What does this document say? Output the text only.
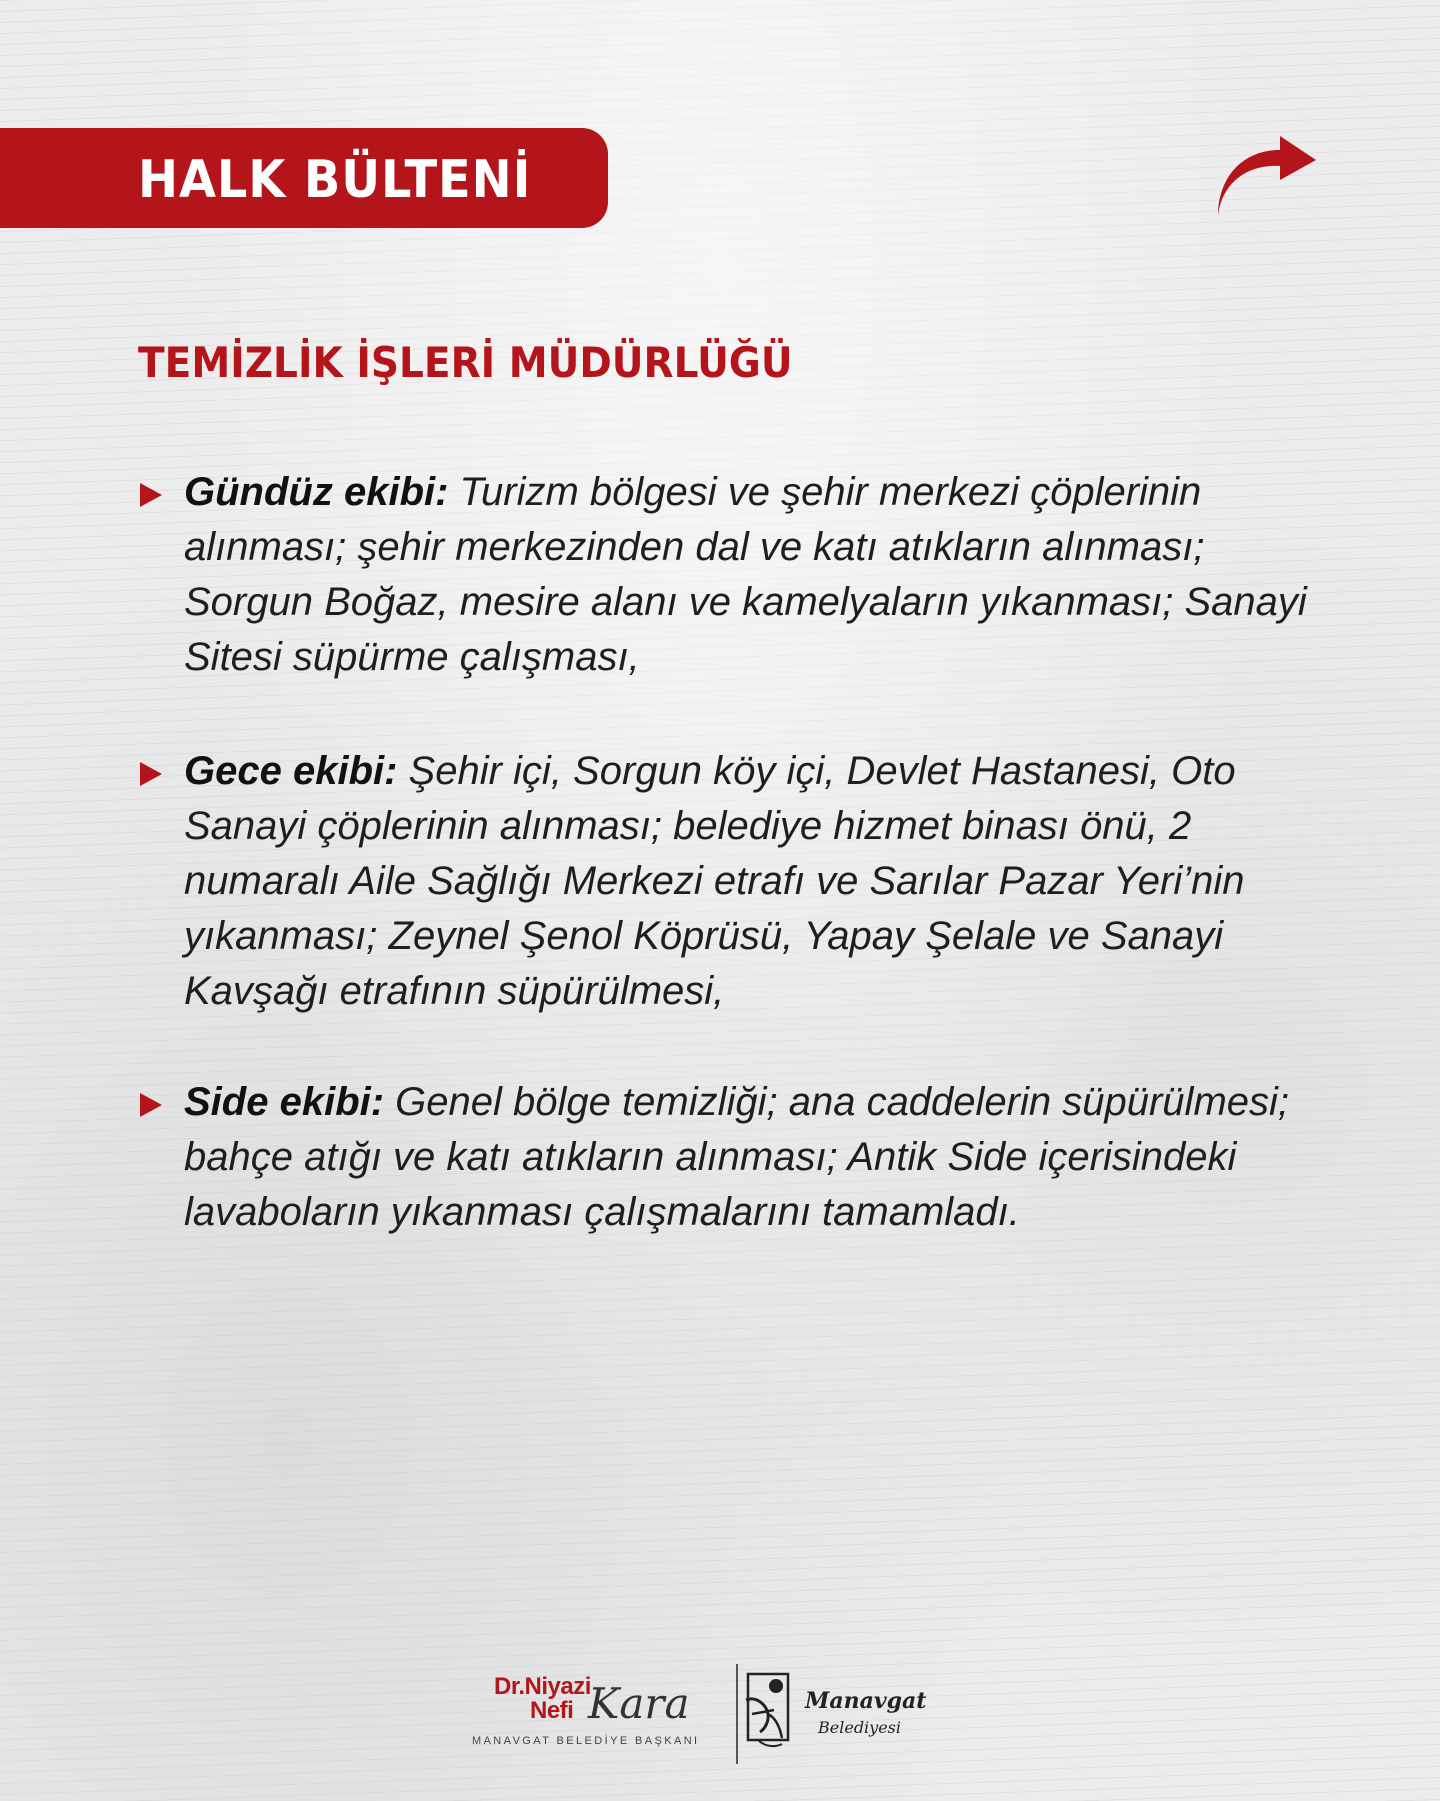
HALK BÜLTENİ
TEMİZLİK İŞLERİ MÜDÜRLÜĞÜ
Gündüz ekibi: Turizm bölgesi ve şehir merkezi çöplerinin alınması; şehir merkezinden dal ve katı atıkların alınması; Sorgun Boğaz, mesire alanı ve kamelyaların yıkanması; Sanayi Sitesi süpürme çalışması,
Gece ekibi: Şehir içi, Sorgun köy içi, Devlet Hastanesi, Oto Sanayi çöplerinin alınması; belediye hizmet binası önü, 2 numaralı Aile Sağlığı Merkezi etrafı ve Sarılar Pazar Yeri’nin yıkanması; Zeynel Şenol Köprüsü, Yapay Şelale ve Sanayi Kavşağı etrafının süpürülmesi,
Side ekibi: Genel bölge temizliği; ana caddelerin süpürülmesi; bahçe atığı ve katı atıkların alınması; Antik Side içerisindeki lavaboların yıkanması çalışmalarını tamamladı.
Dr.Niyazi
Nefi Kara
MANAVGAT BELEDİYE BAŞKANI
Manavgat
Belediyesi
